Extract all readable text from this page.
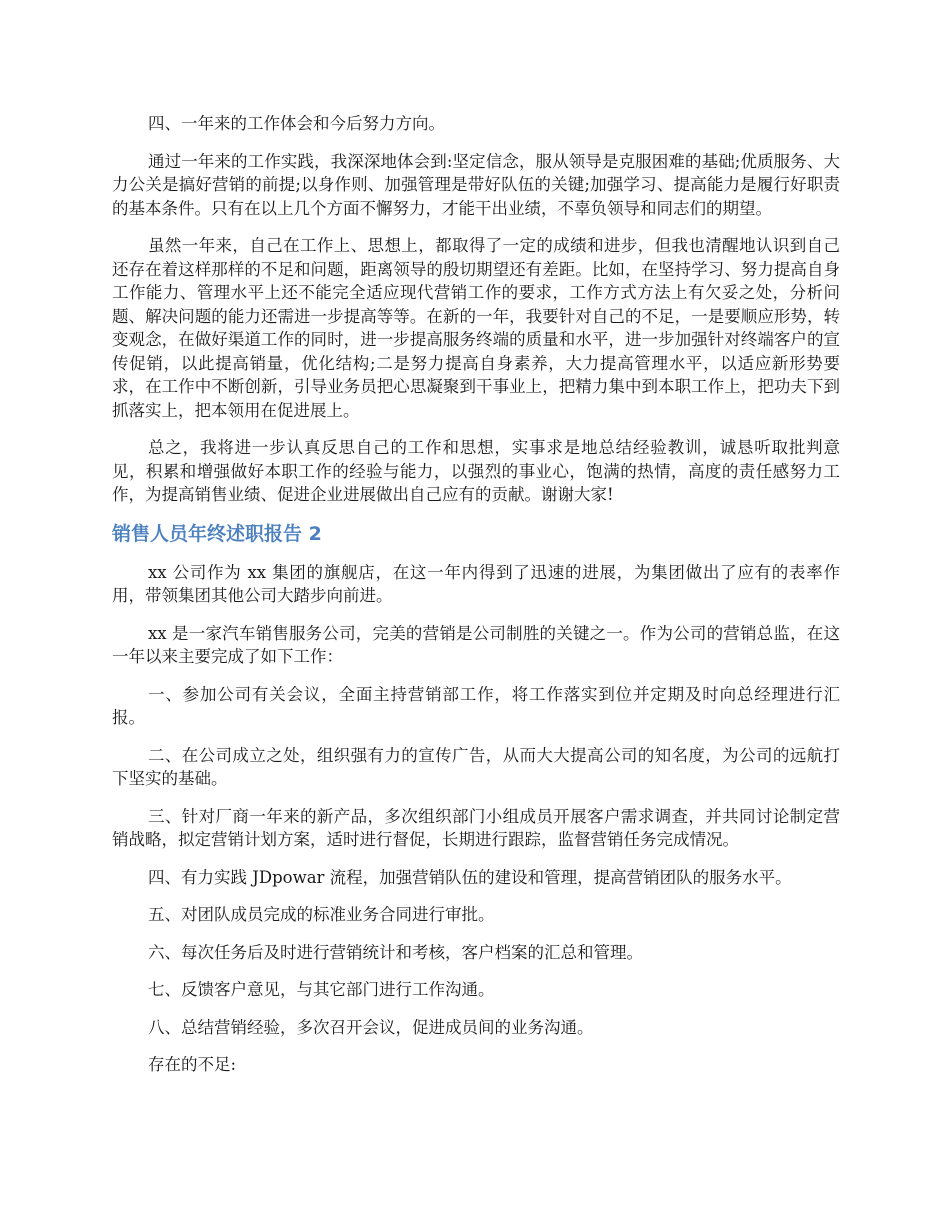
四、一年来的工作体会和今后努力方向。

通过一年来的工作实践，我深深地体会到:坚定信念，服从领导是克服困难的基础;优质服务、大力公关是搞好营销的前提;以身作则、加强管理是带好队伍的关键;加强学习、提高能力是履行好职责的基本条件。只有在以上几个方面不懈努力，才能干出业绩，不辜负领导和同志们的期望。

虽然一年来，自己在工作上、思想上，都取得了一定的成绩和进步，但我也清醒地认识到自己还存在着这样那样的不足和问题，距离领导的殷切期望还有差距。比如，在坚持学习、努力提高自身工作能力、管理水平上还不能完全适应现代营销工作的要求，工作方式方法上有欠妥之处，分析问题、解决问题的能力还需进一步提高等等。在新的一年，我要针对自己的不足，一是要顺应形势，转变观念，在做好渠道工作的同时，进一步提高服务终端的质量和水平，进一步加强针对终端客户的宣传促销，以此提高销量，优化结构;二是努力提高自身素养，大力提高管理水平，以适应新形势要求，在工作中不断创新，引导业务员把心思凝聚到干事业上，把精力集中到本职工作上，把功夫下到抓落实上，把本领用在促进展上。

总之，我将进一步认真反思自己的工作和思想，实事求是地总结经验教训，诚恳听取批判意见，积累和增强做好本职工作的经验与能力，以强烈的事业心，饱满的热情，高度的责任感努力工作，为提高销售业绩、促进企业进展做出自己应有的贡献。谢谢大家!

销售人员年终述职报告 2

xx 公司作为 xx 集团的旗舰店，在这一年内得到了迅速的进展，为集团做出了应有的表率作用，带领集团其他公司大踏步向前进。

xx 是一家汽车销售服务公司，完美的营销是公司制胜的关键之一。作为公司的营销总监，在这一年以来主要完成了如下工作：

一、参加公司有关会议，全面主持营销部工作，将工作落实到位并定期及时向总经理进行汇报。

二、在公司成立之处，组织强有力的宣传广告，从而大大提高公司的知名度，为公司的远航打下坚实的基础。

三、针对厂商一年来的新产品，多次组织部门小组成员开展客户需求调查，并共同讨论制定营销战略，拟定营销计划方案，适时进行督促，长期进行跟踪，监督营销任务完成情况。

四、有力实践 JDpowar 流程，加强营销队伍的建设和管理，提高营销团队的服务水平。

五、对团队成员完成的标准业务合同进行审批。

六、每次任务后及时进行营销统计和考核，客户档案的汇总和管理。

七、反馈客户意见，与其它部门进行工作沟通。

八、总结营销经验，多次召开会议，促进成员间的业务沟通。

存在的不足:
